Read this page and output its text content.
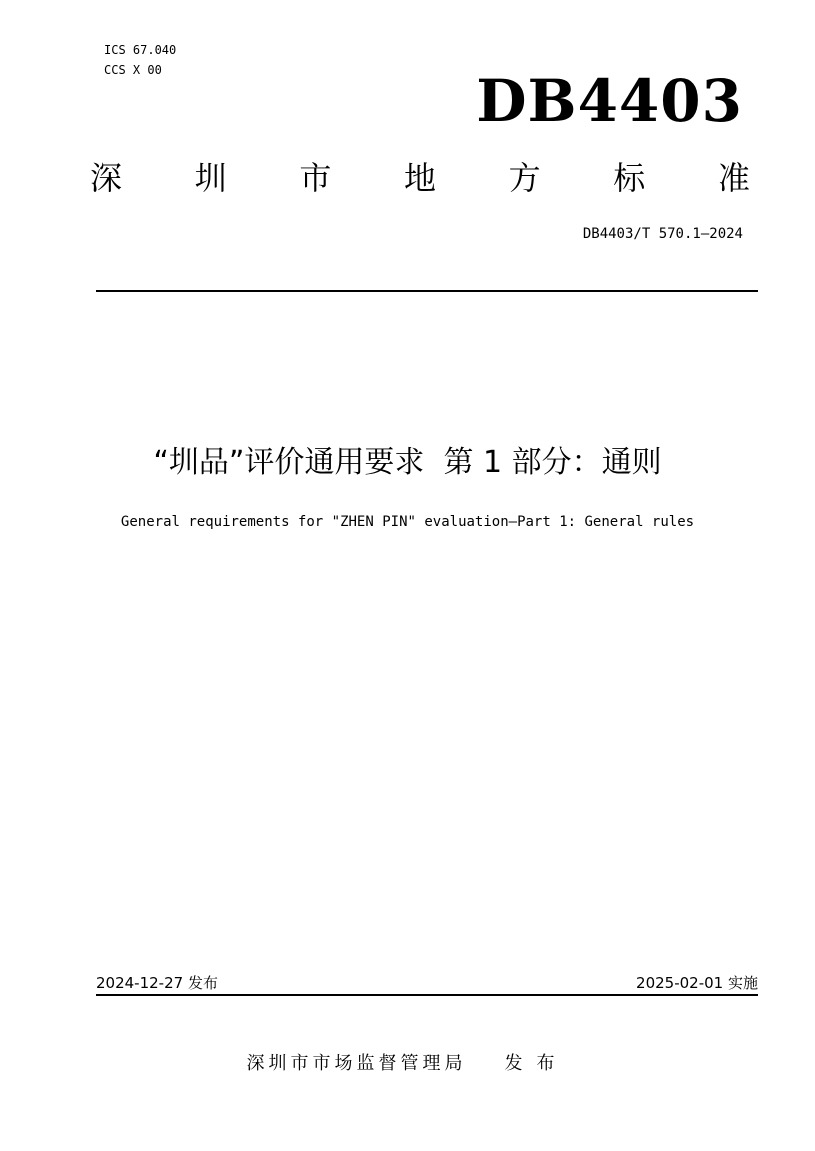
ICS 67.040
CCS X 00	DB4403
深 圳 市 地 方 标 准
DB4403/T 570.1—2024
“圳品”评价通用要求  第 1 部分：通则
General requirements for "ZHEN PIN" evaluation—Part 1: General rules
2024-12-27 发布	2025-02-01 实施
深圳市市场监督管理局 发布
